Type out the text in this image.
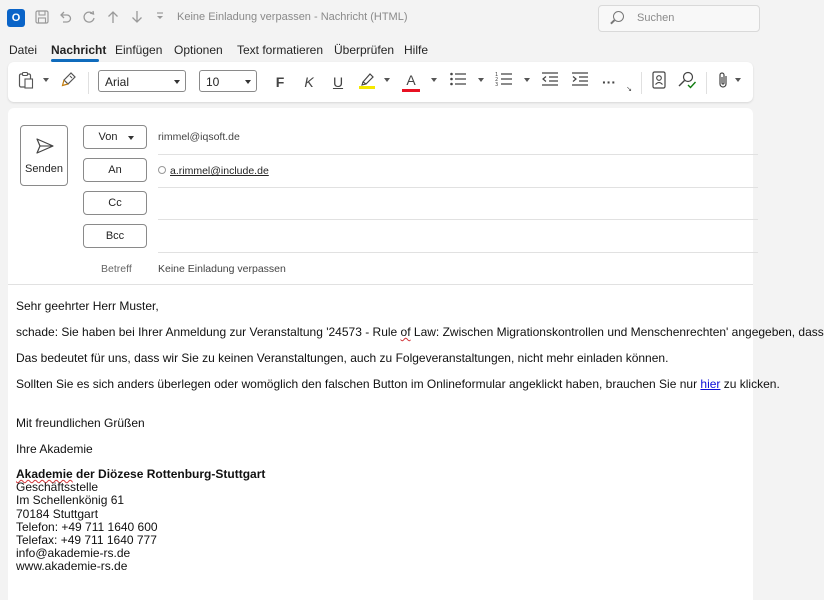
O	Keine Einladung verpassen - Nachricht (HTML)	Suchen
Datei Nachricht Einfügen Optionen Text formatieren Überprüfen Hilfe
Arial	10	F K U	A	1
2
3	···	↘
Senden
Von	rimmel@iqsoft.de
An	a.rimmel@include.de
Cc
Bcc
Betreff	Keine Einladung verpassen
Sehr geehrter Herr Muster,
schade: Sie haben bei Ihrer Anmeldung zur Veranstaltung '24573 - Rule of Law: Zwischen Migrationskontrollen und Menschenrechten' angegeben, dass
Das bedeutet für uns, dass wir Sie zu keinen Veranstaltungen, auch zu Folgeveranstaltungen, nicht mehr einladen können.
Sollten Sie es sich anders überlegen oder womöglich den falschen Button im Onlineformular angeklickt haben, brauchen Sie nur hier zu klicken.
Mit freundlichen Grüßen
Ihre Akademie
Akademie der Diözese Rottenburg-Stuttgart
Geschäftsstelle
Im Schellenkönig 61
70184 Stuttgart
Telefon: +49 711 1640 600
Telefax: +49 711 1640 777
info@akademie-rs.de
www.akademie-rs.de
